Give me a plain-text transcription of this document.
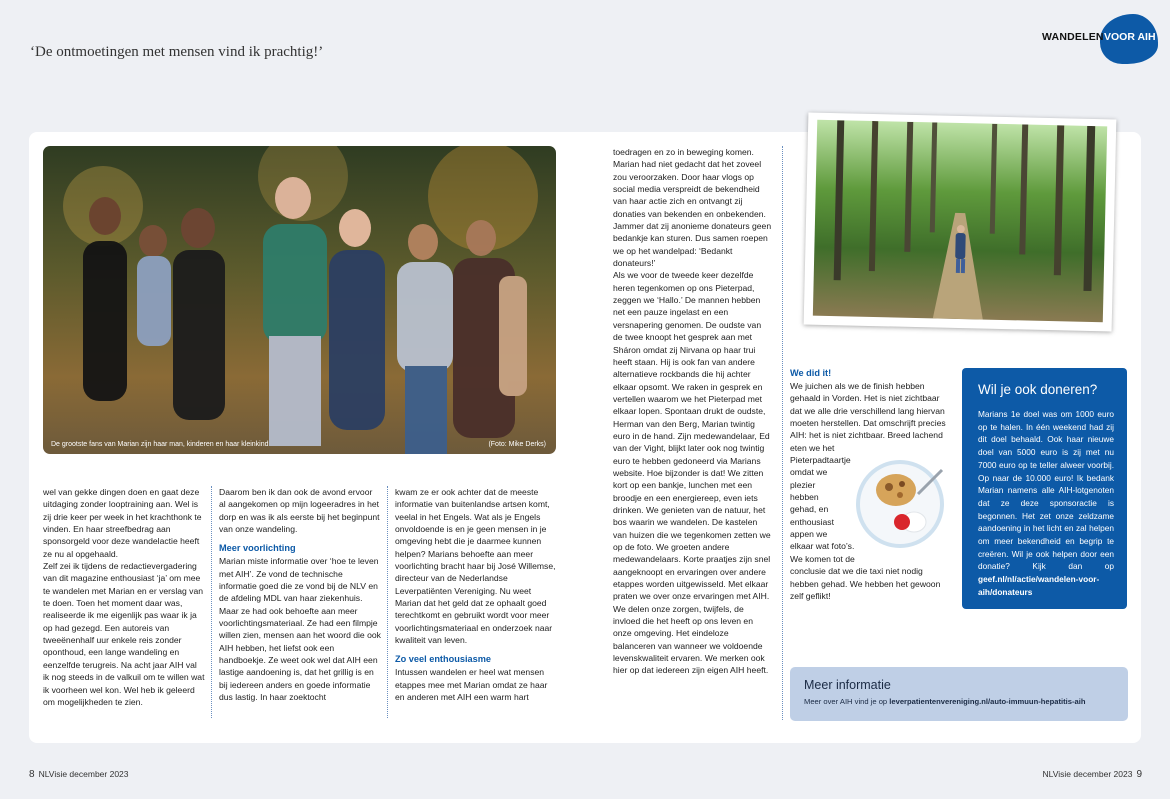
‘De ontmoetingen met mensen vind ik prachtig!’
WANDELEN VOOR AIH
De grootste fans van Marian zijn haar man, kinderen en haar kleinkind	(Foto: Mike Derks)

wel van gekke dingen doen en gaat deze uitdaging zonder looptraining aan. Wel is zij drie keer per week in het krachthonk te vinden. En haar streefbedrag aan sponsorgeld voor deze wandelactie heeft ze nu al opgehaald.

Zelf zei ik tijdens de redactievergadering van dit magazine enthousiast ‘ja’ om mee te wandelen met Marian en er verslag van te doen. Toen het moment daar was, realiseerde ik me eigenlijk pas waar ik ja op had gezegd. Een autoreis van tweeënenhalf uur enkele reis zonder oponthoud, een lange wandeling en eenzelfde terugreis. Na acht jaar AIH val ik nog steeds in de valkuil om te willen wat ik voorheen wel kon. Wel heb ik geleerd om mogelijkheden te zien.

Daarom ben ik dan ook de avond ervoor al aangekomen op mijn logeeradres in het dorp en was ik als eerste bij het beginpunt van onze wandeling.

Meer voorlichting

Marian miste informatie over ‘hoe te leven met AIH’. Ze vond de technische informatie goed die ze vond bij de NLV en de afdeling MDL van haar ziekenhuis. Maar ze had ook behoefte aan meer voorlichtingsmateriaal. Ze had een filmpje willen zien, mensen aan het woord die ook AIH hebben, het liefst ook een handboekje. Ze weet ook wel dat AIH een lastige aandoening is, dat het grillig is en bij iedereen anders en goede informatie dus lastig. In haar zoektocht

kwam ze er ook achter dat de meeste informatie van buitenlandse artsen komt, veelal in het Engels. Wat als je Engels onvoldoende is en je geen mensen in je omgeving hebt die je daarmee kunnen helpen? Marians behoefte aan meer voorlichting bracht haar bij José Willemse, directeur van de Nederlandse Leverpatiënten Vereniging. Nu weet Marian dat het geld dat ze ophaalt goed terechtkomt en gebruikt wordt voor meer voorlichtingsmateriaal en onderzoek naar kwaliteit van leven.

Zo veel enthousiasme

Intussen wandelen er heel wat mensen etappes mee met Marian omdat ze haar en anderen met AIH een warm hart

toedragen en zo in beweging komen. Marian had niet gedacht dat het zoveel zou veroorzaken. Door haar vlogs op social media verspreidt de bekendheid van haar actie zich en ontvangt zij donaties van bekenden en onbekenden. Jammer dat zij anonieme donateurs geen bedankje kan sturen. Dus samen roepen we op het wandelpad: ‘Bedankt donateurs!’

Als we voor de tweede keer dezelfde heren tegenkomen op ons Pieterpad, zeggen we ‘Hallo.’ De mannen hebben net een pauze ingelast en een versnapering genomen. De oudste van de twee knoopt het gesprek aan met Sháron omdat zij Nirvana op haar trui heeft staan. Hij is ook fan van andere alternatieve rockbands die hij achter elkaar opsomt. We raken in gesprek en vertellen waarom we het Pieterpad met elkaar lopen. Spontaan drukt de oudste, Herman van den Berg, Marian twintig euro in de hand. Zijn medewandelaar, Ed van der Vight, blijkt later ook nog twintig euro te hebben gedoneerd via Marians website. Hoe bijzonder is dat! We zitten kort op een bankje, lunchen met een broodje en een energiereep, even iets drinken. We genieten van de natuur, het bos waarin we wandelen. De kastelen van huizen die we tegenkomen zetten we op de foto. We groeten andere medewandelaars. Korte praatjes zijn snel aangeknoopt en ervaringen over andere etappes worden uitgewisseld. Met elkaar praten we over onze ervaringen met AIH. We delen onze zorgen, twijfels, de invloed die het heeft op ons leven en onze omgeving. Het eindeloze balanceren van wanneer we voldoende levenskwaliteit ervaren. We merken ook hier op dat iedereen zijn eigen AIH heeft.

We did it!

We juichen als we de finish hebben gehaald in Vorden. Het is niet zichtbaar dat we alle drie verschillend lang hiervan moeten herstellen. Dat omschrijft precies AIH: het is niet zichtbaar. Breed lachend eten we het

Pieterpadtaartje

omdat we

plezier

hebben

gehad, en

enthousiast

appen we

elkaar wat foto’s.

We komen tot de

conclusie dat we die taxi niet nodig hebben gehad. We hebben het gewoon zelf geflikt!

Wil je ook doneren?
Marians 1e doel was om 1000 euro op te halen. In één weekend had zij dit doel behaald. Ook haar nieuwe doel van 5000 euro is zij met nu 7000 euro op te teller alweer voorbij. Op naar de 10.000 euro! Ik bedank Marian namens alle AIH-lotgenoten dat ze deze sponsoractie is begonnen. Het zet onze zeldzame aandoening in het licht en zal helpen om meer bekendheid en begrip te creëren. Wil je ook helpen door een donatie? Kijk dan op geef.nl/nl/actie/wandelen-voor-aih/donateurs
Meer informatie
Meer over AIH vind je op leverpatientenvereniging.nl/auto-immuun-hepatitis-aih
8 NLVisie december 2023	NLVisie december 2023 9
